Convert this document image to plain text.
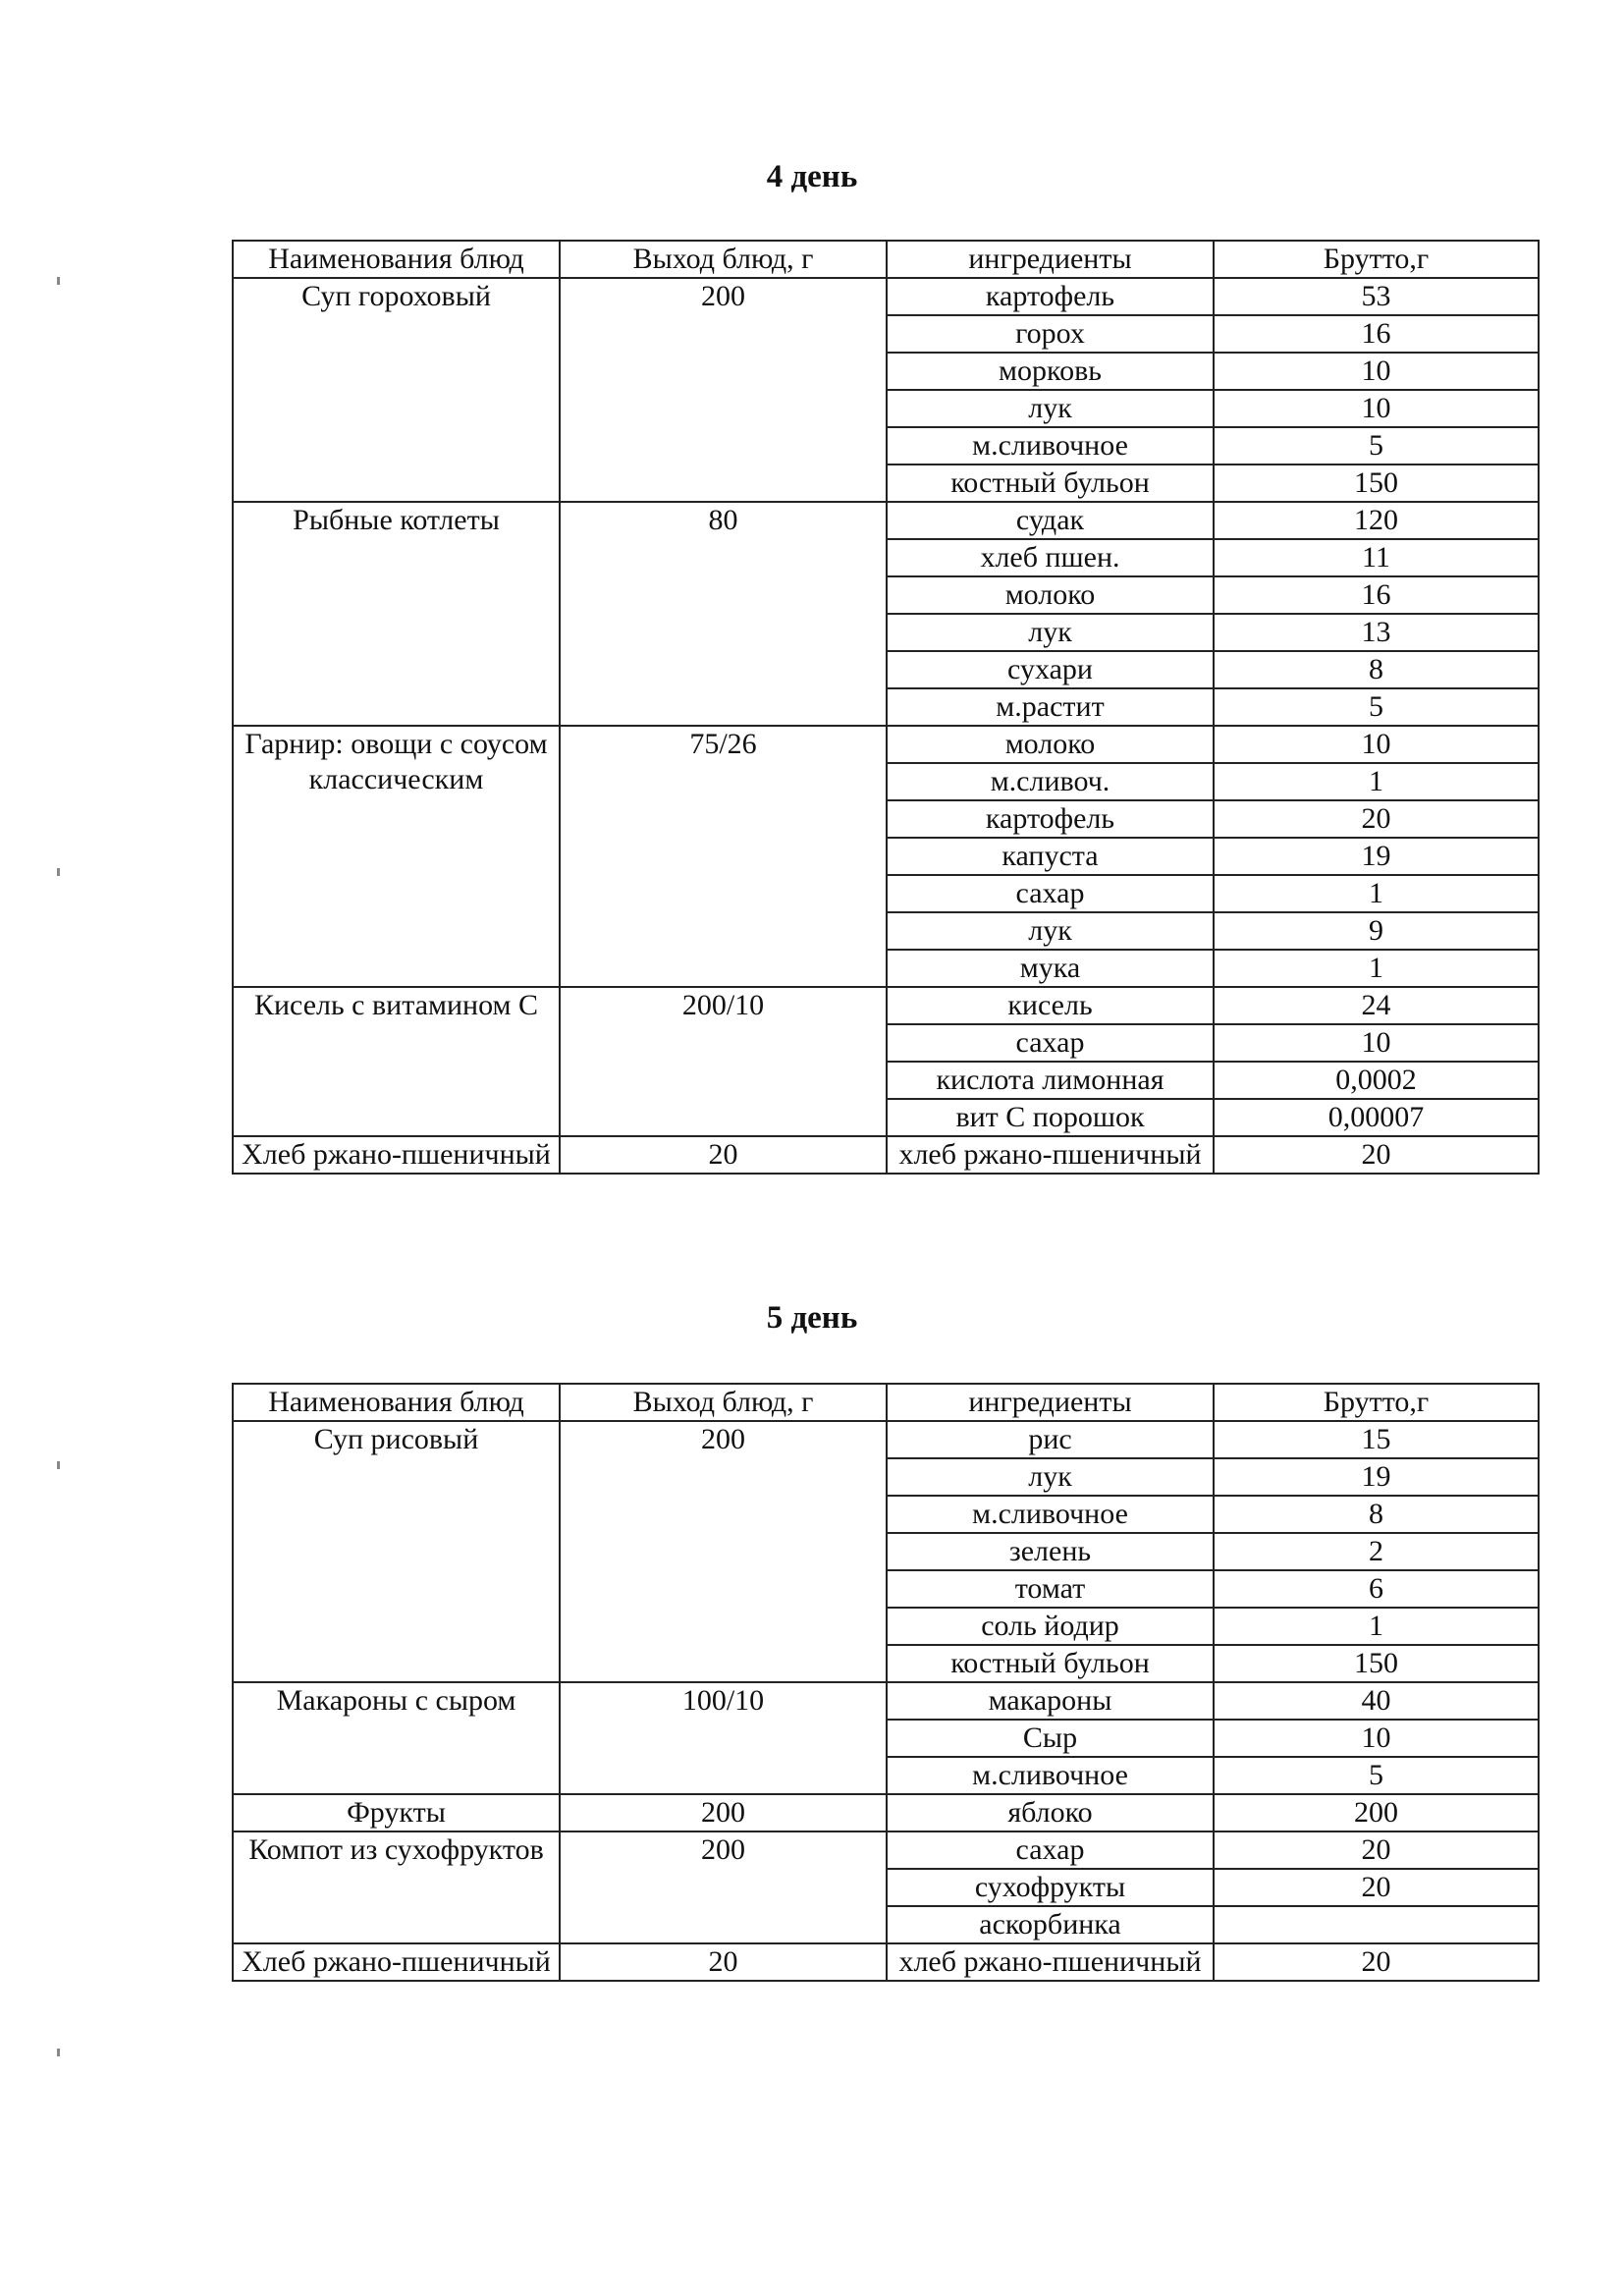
4 день
Наименования блюд	Выход блюд, г	ингредиенты	Брутто,г
Суп гороховый	200	картофель	53
		горох	16
		морковь	10
		лук	10
		м.сливочное	5
		костный бульон	150
Рыбные котлеты	80	судак	120
		хлеб пшен.	11
		молоко	16
		лук	13
		сухари	8
		м.растит	5
Гарнир: овощи с соусом классическим	75/26	молоко	10
		м.сливоч.	1
		картофель	20
		капуста	19
		сахар	1
		лук	9
		мука	1
Кисель с витамином С	200/10	кисель	24
		сахар	10
		кислота лимонная	0,0002
		вит С порошок	0,00007
Хлеб ржано-пшеничный	20	хлеб ржано-пшеничный	20
5 день
Наименования блюд	Выход блюд, г	ингредиенты	Брутто,г
Суп рисовый	200	рис	15
		лук	19
		м.сливочное	8
		зелень	2
		томат	6
		соль йодир	1
		костный бульон	150
Макароны с сыром	100/10	макароны	40
		Сыр	10
		м.сливочное	5
Фрукты	200	яблоко	200
Компот из сухофруктов	200	сахар	20
		сухофрукты	20
		аскорбинка	
Хлеб ржано-пшеничный	20	хлеб ржано-пшеничный	20
